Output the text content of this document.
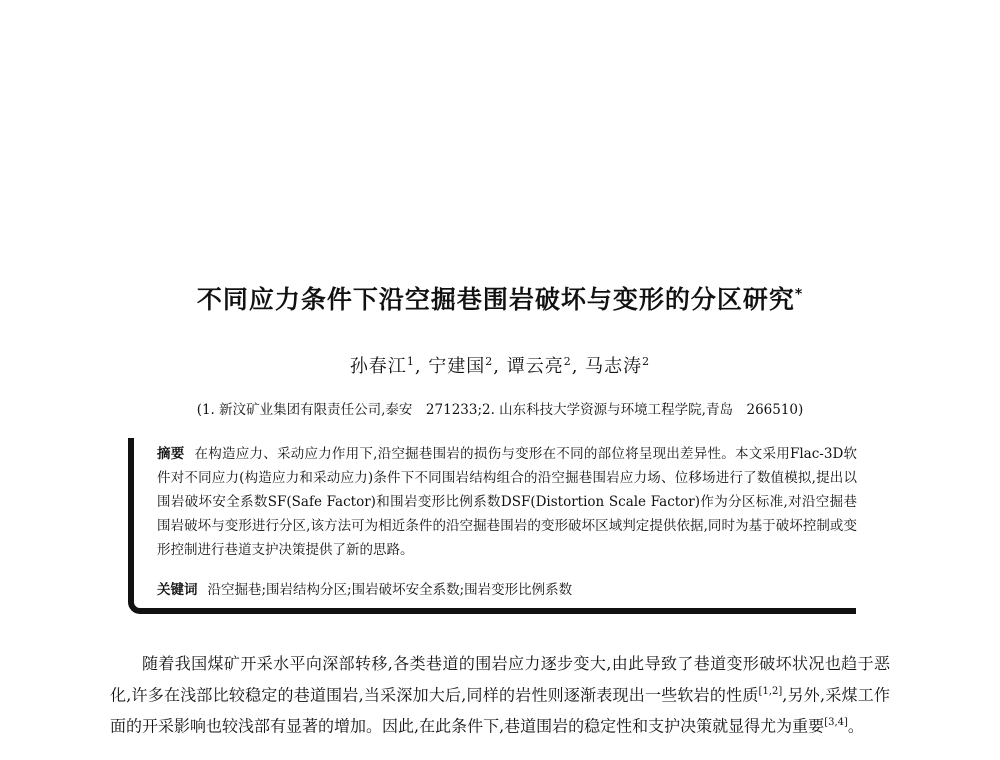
不同应力条件下沿空掘巷围岩破坏与变形的分区研究*
孙春江$^1$, 宁建国$^2$, 谭云亮$^2$, 马志涛$^2$
(1. 新汶矿业集团有限责任公司,泰安　271233;2. 山东科技大学资源与环境工程学院,青岛　266510)
摘要 在构造应力、采动应力作用下,沿空掘巷围岩的损伤与变形在不同的部位将呈现出差异性。本文采用Flac-3D软件对不同应力(构造应力和采动应力)条件下不同围岩结构组合的沿空掘巷围岩应力场、位移场进行了数值模拟,提出以围岩破坏安全系数SF(Safe Factor)和围岩变形比例系数DSF(Distortion Scale Factor)作为分区标准,对沿空掘巷围岩破坏与变形进行分区,该方法可为相近条件的沿空掘巷围岩的变形破坏区域判定提供依据,同时为基于破坏控制或变形控制进行巷道支护决策提供了新的思路。
关键词 沿空掘巷;围岩结构分区;围岩破坏安全系数;围岩变形比例系数
随着我国煤矿开采水平向深部转移,各类巷道的围岩应力逐步变大,由此导致了巷道变形破坏状况也趋于恶化,许多在浅部比较稳定的巷道围岩,当采深加大后,同样的岩性则逐渐表现出一些软岩的性质[1,2],另外,采煤工作面的开采影响也较浅部有显著的增加。因此,在此条件下,巷道围岩的稳定性和支护决策就显得尤为重要[3,4]。
